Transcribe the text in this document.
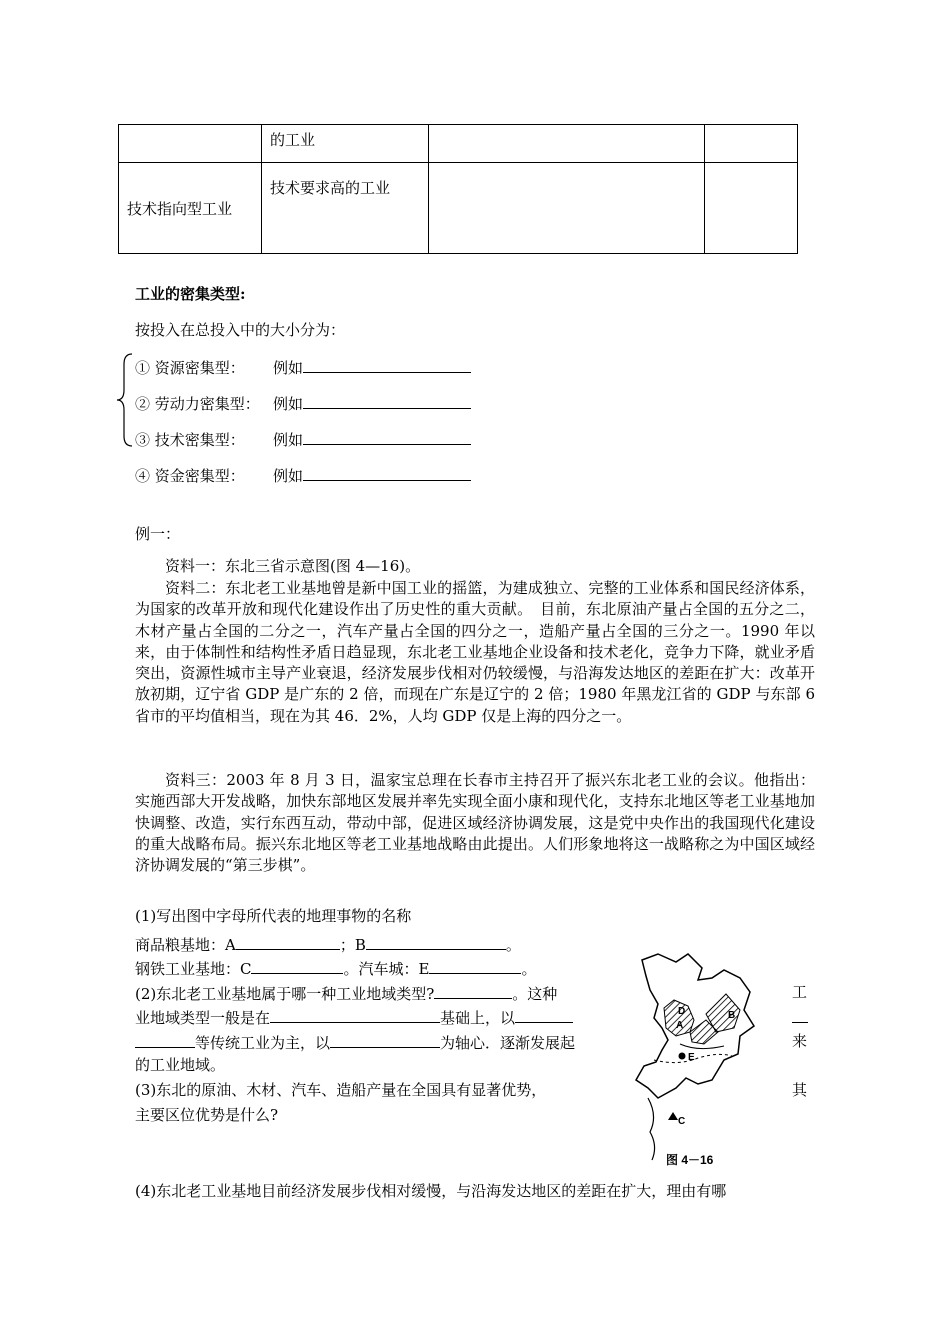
	的工业		

技术指向型工业	技术要求高的工业		

工业的密集类型:
按投入在总投入中的大小分为：
① 资源密集型： 例如
② 劳动力密集型： 例如
③ 技术密集型： 例如
④ 资金密集型： 例如
例一：
资料一：东北三省示意图(图 4—16)。
资料二：东北老工业基地曾是新中国工业的摇篮，为建成独立、完整的工业体系和国民经济体系，为国家的改革开放和现代化建设作出了历史性的重大贡献。　目前，东北原油产量占全国的五分之二，木材产量占全国的二分之一，汽车产量占全国的四分之一，造船产量占全国的三分之一。1990 年以来，由于体制性和结构性矛盾日趋显现，东北老工业基地企业设备和技术老化，竞争力下降，就业矛盾突出，资源性城市主导产业衰退，经济发展步伐相对仍较缓慢，与沿海发达地区的差距在扩大：改革开放初期，辽宁省 GDP 是广东的 2 倍，而现在广东是辽宁的 2 倍；1980 年黑龙江省的 GDP 与东部 6 省市的平均值相当，现在为其 46．2%，人均 GDP 仅是上海的四分之一。
资料三：2003 年 8 月 3 日，温家宝总理在长春市主持召开了振兴东北老工业的会议。他指出：实施西部大开发战略，加快东部地区发展并率先实现全面小康和现代化，支持东北地区等老工业基地加快调整、改造，实行东西互动，带动中部，促进区域经济协调发展，这是党中央作出的我国现代化建设的重大战略布局。振兴东北地区等老工业基地战略由此提出。人们形象地将这一战略称之为中国区域经济协调发展的“第三步棋”。
(1)写出图中字母所代表的地理事物的名称
商品粮基地：A	；B	。
钢铁工业基地：C	。汽车城：E	。
(2)东北老工业基地属于哪一种工业地域类型?	。这种	工
业地域类型一般是在	基础上，以
等传统工业为主，以	为轴心．逐渐发展起	来
的工业地域。
(3)东北的原油、木材、汽车、造船产量在全国具有显著优势，	其
主要区位优势是什么?
(4)东北老工业基地目前经济发展步伐相对缓慢，与沿海发达地区的差距在扩大，理由有哪
A
B
C
D
E
图 4－16
